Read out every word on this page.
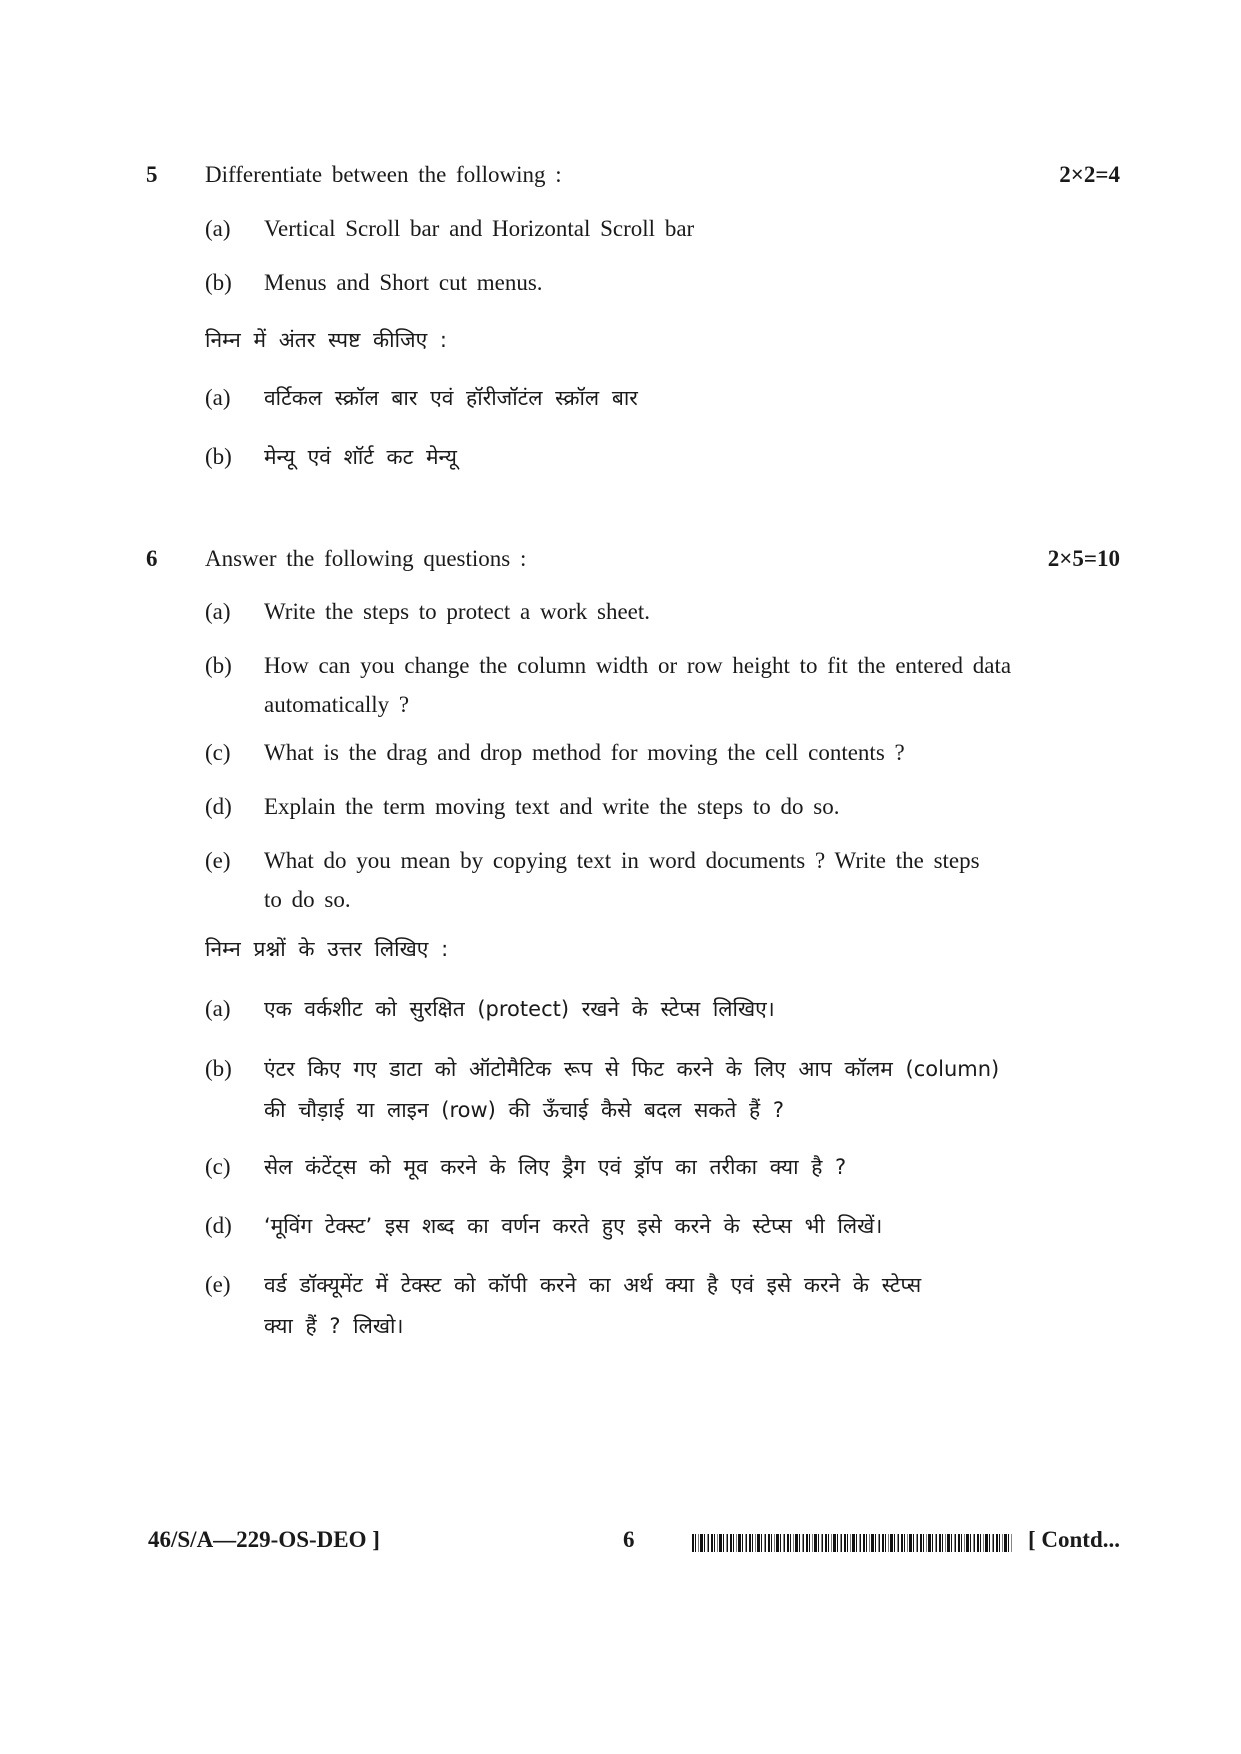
5 Differentiate between the following :	2×2=4
(a) Vertical Scroll bar and Horizontal Scroll bar
(b) Menus and Short cut menus.
निम्न में अंतर स्पष्ट कीजिए :
(a) वर्टिकल स्क्रॉल बार एवं हॉरीजॉटंल स्क्रॉल बार
(b) मेन्यू एवं शॉर्ट कट मेन्यू
6 Answer the following questions :	2×5=10
(a) Write the steps to protect a work sheet.
(b) How can you change the column width or row height to fit the entered data
automatically ?
(c) What is the drag and drop method for moving the cell contents ?
(d) Explain the term moving text and write the steps to do so.
(e) What do you mean by copying text in word documents ? Write the steps
to do so.
निम्न प्रश्नों के उत्तर लिखिए :
(a) एक वर्कशीट को सुरक्षित (protect) रखने के स्टेप्स लिखिए।
(b) एंटर किए गए डाटा को ऑटोमैटिक रूप से फिट करने के लिए आप कॉलम (column)
की चौड़ाई या लाइन (row) की ऊँचाई कैसे बदल सकते हैं ?
(c) सेल कंटेंट्स को मूव करने के लिए ड्रैग एवं ड्रॉप का तरीका क्या है ?
(d) ‘मूविंग टेक्स्ट’ इस शब्द का वर्णन करते हुए इसे करने के स्टेप्स भी लिखें।
(e) वर्ड डॉक्यूमेंट में टेक्स्ट को कॉपी करने का अर्थ क्या है एवं इसे करने के स्टेप्स
क्या हैं ? लिखो।
46/S/A—229-OS-DEO ]	6	[ Contd...
